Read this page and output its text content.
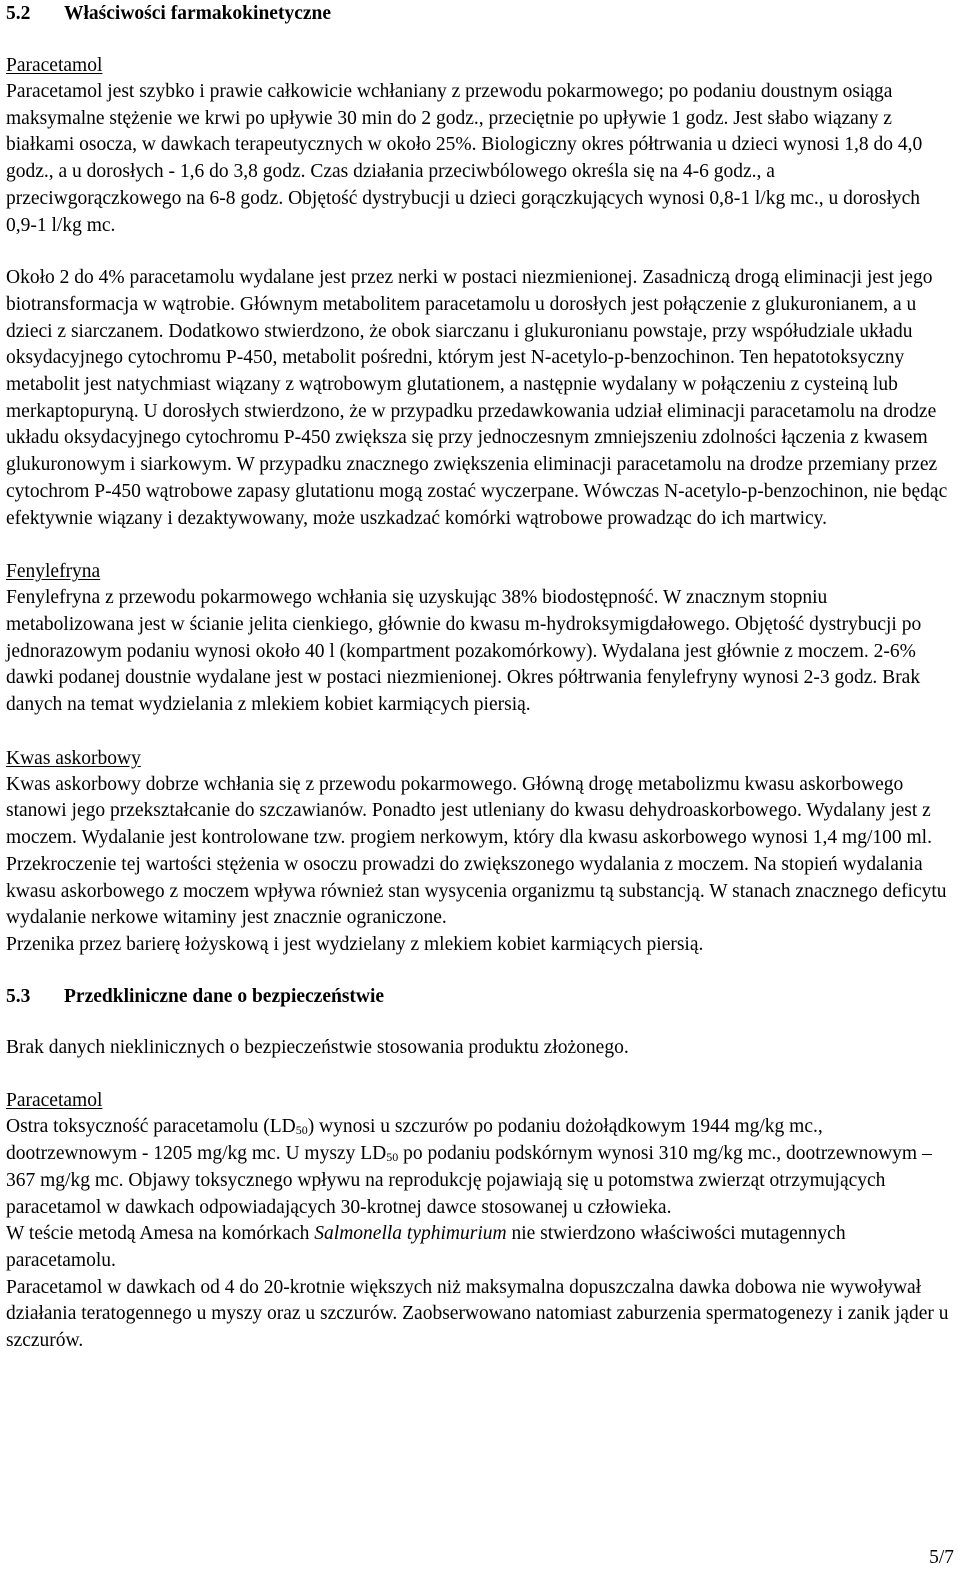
5.2	Właściwości farmakokinetyczne
Paracetamol

Paracetamol jest szybko i prawie całkowicie wchłaniany z przewodu pokarmowego; po podaniu doustnym osiąga maksymalne stężenie we krwi po upływie 30 min do 2 godz., przeciętnie po upływie 1 godz. Jest słabo wiązany z białkami osocza, w dawkach terapeutycznych w około 25%. Biologiczny okres półtrwania u dzieci wynosi 1,8 do 4,0 godz., a u dorosłych - 1,6 do 3,8 godz. Czas działania przeciwbólowego określa się na 4-6 godz., a przeciwgorączkowego na 6-8 godz. Objętość dystrybucji u dzieci gorączkujących wynosi 0,8-1 l/kg mc., u dorosłych 0,9-1 l/kg mc.

Około 2 do 4% paracetamolu wydalane jest przez nerki w postaci niezmienionej. Zasadniczą drogą eliminacji jest jego biotransformacja w wątrobie. Głównym metabolitem paracetamolu u dorosłych jest połączenie z glukuronianem, a u dzieci z siarczanem. Dodatkowo stwierdzono, że obok siarczanu i glukuronianu powstaje, przy współudziale układu oksydacyjnego cytochromu P-450, metabolit pośredni, którym jest N-acetylo-p-benzochinon. Ten hepatotoksyczny metabolit jest natychmiast wiązany z wątrobowym glutationem, a następnie wydalany w połączeniu z cysteiną lub merkaptopuryną. U dorosłych stwierdzono, że w przypadku przedawkowania udział eliminacji paracetamolu na drodze układu oksydacyjnego cytochromu P-450 zwiększa się przy jednoczesnym zmniejszeniu zdolności łączenia z kwasem glukuronowym i siarkowym. W przypadku znacznego zwiększenia eliminacji paracetamolu na drodze przemiany przez cytochrom P-450 wątrobowe zapasy glutationu mogą zostać wyczerpane. Wówczas N-acetylo-p-benzochinon, nie będąc efektywnie wiązany i dezaktywowany, może uszkadzać komórki wątrobowe prowadząc do ich martwicy.

Fenylefryna

Fenylefryna z przewodu pokarmowego wchłania się uzyskując 38% biodostępność. W znacznym stopniu metabolizowana jest w ścianie jelita cienkiego, głównie do kwasu m-hydroksymigdałowego. Objętość dystrybucji po jednorazowym podaniu wynosi około 40 l (kompartment pozakomórkowy). Wydalana jest głównie z moczem. 2-6% dawki podanej doustnie wydalane jest w postaci niezmienionej. Okres półtrwania fenylefryny wynosi 2-3 godz. Brak danych na temat wydzielania z mlekiem kobiet karmiących piersią.

Kwas askorbowy

Kwas askorbowy dobrze wchłania się z przewodu pokarmowego. Główną drogę metabolizmu kwasu askorbowego stanowi jego przekształcanie do szczawianów. Ponadto jest utleniany do kwasu dehydroaskorbowego. Wydalany jest z moczem. Wydalanie jest kontrolowane tzw. progiem nerkowym, który dla kwasu askorbowego wynosi 1,4 mg/100 ml. Przekroczenie tej wartości stężenia w osoczu prowadzi do zwiększonego wydalania z moczem. Na stopień wydalania kwasu askorbowego z moczem wpływa również stan wysycenia organizmu tą substancją. W stanach znacznego deficytu wydalanie nerkowe witaminy jest znacznie ograniczone.

Przenika przez barierę łożyskową i jest wydzielany z mlekiem kobiet karmiących piersią.

5.3	Przedkliniczne dane o bezpieczeństwie

Brak danych nieklinicznych o bezpieczeństwie stosowania produktu złożonego.

Paracetamol

Ostra toksyczność paracetamolu $(LD_{50})$ wynosi u szczurów po podaniu dożołądkowym 1944 mg/kg mc., dootrzewnowym - 1205 mg/kg mc. U myszy $LD_{50}$ po podaniu podskórnym wynosi 310 mg/kg mc., dootrzewnowym –367 mg/kg mc. Objawy toksycznego wpływu na reprodukcję pojawiają się u potomstwa zwierząt otrzymujących paracetamol w dawkach odpowiadających 30-krotnej dawce stosowanej u człowieka.

W teście metodą Amesa na komórkach Salmonella typhimurium nie stwierdzono właściwości mutagennych paracetamolu.

Paracetamol w dawkach od 4 do 20-krotnie większych niż maksymalna dopuszczalna dawka dobowa nie wywoływał działania teratogennego u myszy oraz u szczurów. Zaobserwowano natomiast zaburzenia spermatogenezy i zanik jąder u szczurów.

5/7
